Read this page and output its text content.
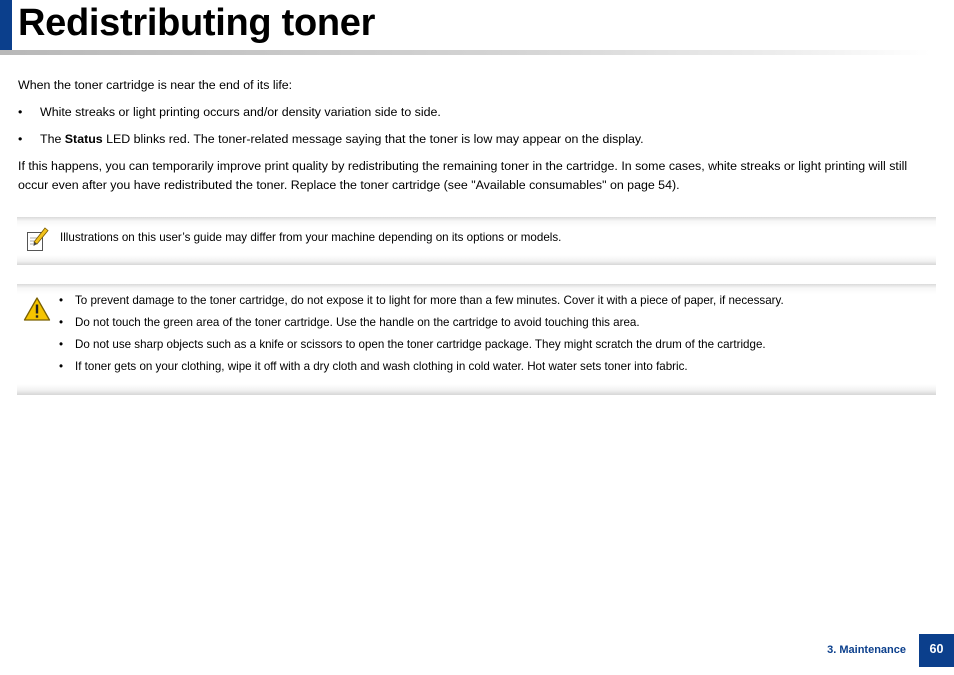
Redistributing toner

When the toner cartridge is near the end of its life:

• White streaks or light printing occurs and/or density variation side to side.
• The Status LED blinks red. The toner-related message saying that the toner is low may appear on the display.

If this happens, you can temporarily improve print quality by redistributing the remaining toner in the cartridge. In some cases, white streaks or light printing will still occur even after you have redistributed the toner. Replace the toner cartridge (see "Available consumables" on page 54).

Illustrations on this user’s guide may differ from your machine depending on its options or models.
• To prevent damage to the toner cartridge, do not expose it to light for more than a few minutes. Cover it with a piece of paper, if necessary.
• Do not touch the green area of the toner cartridge. Use the handle on the cartridge to avoid touching this area.
• Do not use sharp objects such as a knife or scissors to open the toner cartridge package. They might scratch the drum of the cartridge.
• If toner gets on your clothing, wipe it off with a dry cloth and wash clothing in cold water. Hot water sets toner into fabric.
3. Maintenance	60
